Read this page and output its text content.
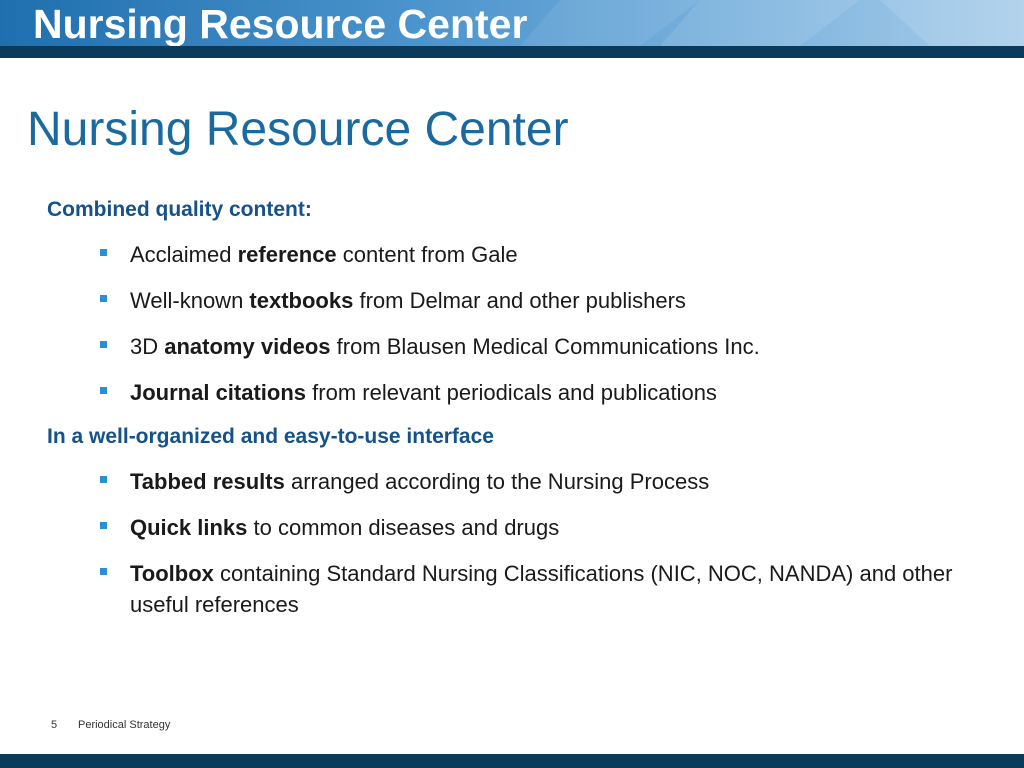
Nursing Resource Center
Nursing Resource Center
Combined quality content:
Acclaimed reference content from Gale
Well-known textbooks from Delmar and other publishers
3D anatomy videos from Blausen Medical Communications Inc.
Journal citations from relevant periodicals and publications
In a well-organized and easy-to-use interface
Tabbed results arranged according to the Nursing Process
Quick links to common diseases and drugs
Toolbox containing Standard Nursing Classifications (NIC, NOC, NANDA) and other useful references
5 Periodical Strategy
